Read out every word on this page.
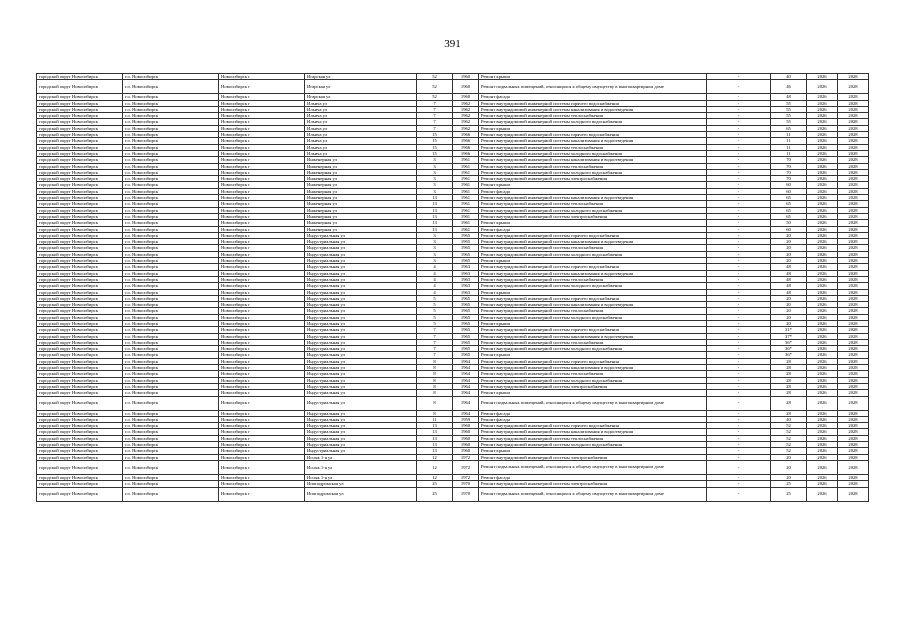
391
городской округ Новосибирск	г.о. Новосибирск	Новосибирск г	Игарская ул	52	1960	Ремонт крыши	-	40	2026	2028
городской округ Новосибирск	г.о. Новосибирск	Новосибирск г	Игарская ул	52	1960	Ремонт подвальных помещений, относящихся к общему имуществу в многоквартирном доме	-	46	2026	2028
городской округ Новосибирск	г.о. Новосибирск	Новосибирск г	Игарская ул	52	1960	Ремонт фасада	-	48	2026	2028
городской округ Новосибирск	г.о. Новосибирск	Новосибирск г	Ильича ул	7	1962	Ремонт внутридомовой инженерной системы горячего водоснабжения	-	55	2026	2028
городской округ Новосибирск	г.о. Новосибирск	Новосибирск г	Ильича ул	7	1962	Ремонт внутридомовой инженерной системы канализования и водоотведения	-	55	2026	2028
городской округ Новосибирск	г.о. Новосибирск	Новосибирск г	Ильича ул	7	1962	Ремонт внутридомовой инженерной системы теплоснабжения	-	55	2026	2028
городской округ Новосибирск	г.о. Новосибирск	Новосибирск г	Ильича ул	7	1962	Ремонт внутридомовой инженерной системы холодного водоснабжения	-	55	2026	2028
городской округ Новосибирск	г.о. Новосибирск	Новосибирск г	Ильича ул	7	1962	Ремонт крыши	-	65	2026	2028
городской округ Новосибирск	г.о. Новосибирск	Новосибирск г	Ильича ул	15	1966	Ремонт внутридомовой инженерной системы горячего водоснабжения	-	11	2026	2028
городской округ Новосибирск	г.о. Новосибирск	Новосибирск г	Ильича ул	15	1966	Ремонт внутридомовой инженерной системы канализования и водоотведения	-	11	2026	2028
городской округ Новосибирск	г.о. Новосибирск	Новосибирск г	Ильича ул	15	1966	Ремонт внутридомовой инженерной системы теплоснабжения	-	11	2026	2028
городской округ Новосибирск	г.о. Новосибирск	Новосибирск г	Ильича ул	15	1966	Ремонт внутридомовой инженерной системы холодного водоснабжения	-	11	2026	2028
городской округ Новосибирск	г.о. Новосибирск	Новосибирск г	Инженерная ул	3	1961	Ремонт внутридомовой инженерной системы канализования и водоотведения	-	70	2026	2028
городской округ Новосибирск	г.о. Новосибирск	Новосибирск г	Инженерная ул	3	1961	Ремонт внутридомовой инженерной системы теплоснабжения	-	70	2026	2028
городской округ Новосибирск	г.о. Новосибирск	Новосибирск г	Инженерная ул	3	1961	Ремонт внутридомовой инженерной системы холодного водоснабжения	-	70	2026	2028
городской округ Новосибирск	г.о. Новосибирск	Новосибирск г	Инженерная ул	3	1961	Ремонт внутридомовой инженерной системы электроснабжения	-	70	2026	2028
городской округ Новосибирск	г.о. Новосибирск	Новосибирск г	Инженерная ул	3	1961	Ремонт крыши	-	60	2026	2028
городской округ Новосибирск	г.о. Новосибирск	Новосибирск г	Инженерная ул	3	1961	Ремонт фасада	-	60	2026	2028
городской округ Новосибирск	г.о. Новосибирск	Новосибирск г	Инженерная ул	13	1961	Ремонт внутридомовой инженерной системы канализования и водоотведения	-	65	2026	2028
городской округ Новосибирск	г.о. Новосибирск	Новосибирск г	Инженерная ул	13	1961	Ремонт внутридомовой инженерной системы теплоснабжения	-	65	2026	2028
городской округ Новосибирск	г.о. Новосибирск	Новосибирск г	Инженерная ул	13	1961	Ремонт внутридомовой инженерной системы холодного водоснабжения	-	65	2026	2028
городской округ Новосибирск	г.о. Новосибирск	Новосибирск г	Инженерная ул	13	1961	Ремонт внутридомовой инженерной системы электроснабжения	-	65	2026	2028
городской округ Новосибирск	г.о. Новосибирск	Новосибирск г	Инженерная ул	13	1961	Ремонт крыши	-	50	2026	2028
городской округ Новосибирск	г.о. Новосибирск	Новосибирск г	Инженерная ул	13	1961	Ремонт фасада	-	60	2026	2028
городской округ Новосибирск	г.о. Новосибирск	Новосибирск г	Индустриальная ул	3	1965	Ремонт внутридомовой инженерной системы горячего водоснабжения	-	20	2026	2028
городской округ Новосибирск	г.о. Новосибирск	Новосибирск г	Индустриальная ул	3	1965	Ремонт внутридомовой инженерной системы канализования и водоотведения	-	20	2026	2028
городской округ Новосибирск	г.о. Новосибирск	Новосибирск г	Индустриальная ул	3	1965	Ремонт внутридомовой инженерной системы теплоснабжения	-	20	2026	2028
городской округ Новосибирск	г.о. Новосибирск	Новосибирск г	Индустриальная ул	3	1965	Ремонт внутридомовой инженерной системы холодного водоснабжения	-	20	2026	2028
городской округ Новосибирск	г.о. Новосибирск	Новосибирск г	Индустриальная ул	3	1965	Ремонт крыши	-	20	2026	2028
городской округ Новосибирск	г.о. Новосибирск	Новосибирск г	Индустриальная ул	4	1963	Ремонт внутридомовой инженерной системы горячего водоснабжения	-	48	2026	2028
городской округ Новосибирск	г.о. Новосибирск	Новосибирск г	Индустриальная ул	4	1963	Ремонт внутридомовой инженерной системы канализования и водоотведения	-	48	2026	2028
городской округ Новосибирск	г.о. Новосибирск	Новосибирск г	Индустриальная ул	4	1963	Ремонт внутридомовой инженерной системы теплоснабжения	-	48	2026	2028
городской округ Новосибирск	г.о. Новосибирск	Новосибирск г	Индустриальная ул	4	1963	Ремонт внутридомовой инженерной системы холодного водоснабжения	-	48	2026	2028
городской округ Новосибирск	г.о. Новосибирск	Новосибирск г	Индустриальная ул	4	1963	Ремонт крыши	-	48	2026	2028
городской округ Новосибирск	г.о. Новосибирск	Новосибирск г	Индустриальная ул	5	1965	Ремонт внутридомовой инженерной системы горячего водоснабжения	-	20	2026	2028
городской округ Новосибирск	г.о. Новосибирск	Новосибирск г	Индустриальная ул	5	1965	Ремонт внутридомовой инженерной системы канализования и водоотведения	-	20	2026	2028
городской округ Новосибирск	г.о. Новосибирск	Новосибирск г	Индустриальная ул	5	1965	Ремонт внутридомовой инженерной системы теплоснабжения	-	20	2026	2028
городской округ Новосибирск	г.о. Новосибирск	Новосибирск г	Индустриальная ул	5	1965	Ремонт внутридомовой инженерной системы холодного водоснабжения	-	20	2026	2028
городской округ Новосибирск	г.о. Новосибирск	Новосибирск г	Индустриальная ул	5	1965	Ремонт крыши	-	20	2026	2028
городской округ Новосибирск	г.о. Новосибирск	Новосибирск г	Индустриальная ул	7	1965	Ремонт внутридомовой инженерной системы горячего водоснабжения	-	31*	2026	2028
городской округ Новосибирск	г.о. Новосибирск	Новосибирск г	Индустриальная ул	7	1965	Ремонт внутридомовой инженерной системы канализования и водоотведения	-	37*	2026	2028
городской округ Новосибирск	г.о. Новосибирск	Новосибирск г	Индустриальная ул	7	1965	Ремонт внутридомовой инженерной системы теплоснабжения	-	36*	2026	2028
городской округ Новосибирск	г.о. Новосибирск	Новосибирск г	Индустриальная ул	7	1965	Ремонт внутридомовой инженерной системы холодного водоснабжения	-	36*	2026	2028
городской округ Новосибирск	г.о. Новосибирск	Новосибирск г	Индустриальная ул	7	1965	Ремонт крыши	-	36*	2026	2028
городской округ Новосибирск	г.о. Новосибирск	Новосибирск г	Индустриальная ул	8	1964	Ремонт внутридомовой инженерной системы горячего водоснабжения	-	28	2026	2028
городской округ Новосибирск	г.о. Новосибирск	Новосибирск г	Индустриальная ул	8	1964	Ремонт внутридомовой инженерной системы канализования и водоотведения	-	28	2026	2028
городской округ Новосибирск	г.о. Новосибирск	Новосибирск г	Индустриальная ул	8	1964	Ремонт внутридомовой инженерной системы теплоснабжения	-	28	2026	2028
городской округ Новосибирск	г.о. Новосибирск	Новосибирск г	Индустриальная ул	8	1964	Ремонт внутридомовой инженерной системы холодного водоснабжения	-	28	2026	2028
городской округ Новосибирск	г.о. Новосибирск	Новосибирск г	Индустриальная ул	8	1964	Ремонт внутридомовой инженерной системы электроснабжения	-	28	2026	2028
городской округ Новосибирск	г.о. Новосибирск	Новосибирск г	Индустриальная ул	8	1964	Ремонт крыши	-	28	2026	2028
городской округ Новосибирск	г.о. Новосибирск	Новосибирск г	Индустриальная ул	8	1964	Ремонт подвальных помещений, относящихся к общему имуществу в многоквартирном доме	-	28	2026	2028
городской округ Новосибирск	г.о. Новосибирск	Новосибирск г	Индустриальная ул	8	1964	Ремонт фасада	-	28	2026	2028
городской округ Новосибирск	г.о. Новосибирск	Новосибирск г	Индустриальная ул	11	1959	Ремонт фасада	-	40	2026	2028
городской округ Новосибирск	г.о. Новосибирск	Новосибирск г	Индустриальная ул	13	1960	Ремонт внутридомовой инженерной системы горячего водоснабжения	-	52	2026	2028
городской округ Новосибирск	г.о. Новосибирск	Новосибирск г	Индустриальная ул	13	1960	Ремонт внутридомовой инженерной системы канализования и водоотведения	-	52	2026	2028
городской округ Новосибирск	г.о. Новосибирск	Новосибирск г	Индустриальная ул	13	1960	Ремонт внутридомовой инженерной системы теплоснабжения	-	52	2026	2028
городской округ Новосибирск	г.о. Новосибирск	Новосибирск г	Индустриальная ул	13	1960	Ремонт внутридомовой инженерной системы холодного водоснабжения	-	52	2026	2028
городской округ Новосибирск	г.о. Новосибирск	Новосибирск г	Индустриальная ул	13	1960	Ремонт крыши	-	52	2026	2028
городской округ Новосибирск	г.о. Новосибирск	Новосибирск г	Иссык 1-я ул	12	1972	Ремонт внутридомовой инженерной системы электроснабжения	-	20	2026	2028
городской округ Новосибирск	г.о. Новосибирск	Новосибирск г	Иссык 1-я ул	12	1972	Ремонт подвальных помещений, относящихся к общему имуществу в многоквартирном доме	-	20	2026	2028
городской округ Новосибирск	г.о. Новосибирск	Новосибирск г	Иссык 1-я ул	12	1972	Ремонт фасада	-	20	2026	2028
городской округ Новосибирск	г.о. Новосибирск	Новосибирск г	Иппподромская ул	25	1970	Ремонт внутридомовой инженерной системы электроснабжения	-	25	2026	2028
городской округ Новосибирск	г.о. Новосибирск	Новосибирск г	Иппподромская ул	25	1970	Ремонт подвальных помещений, относящихся к общему имуществу в многоквартирном доме	-	25	2026	2028
